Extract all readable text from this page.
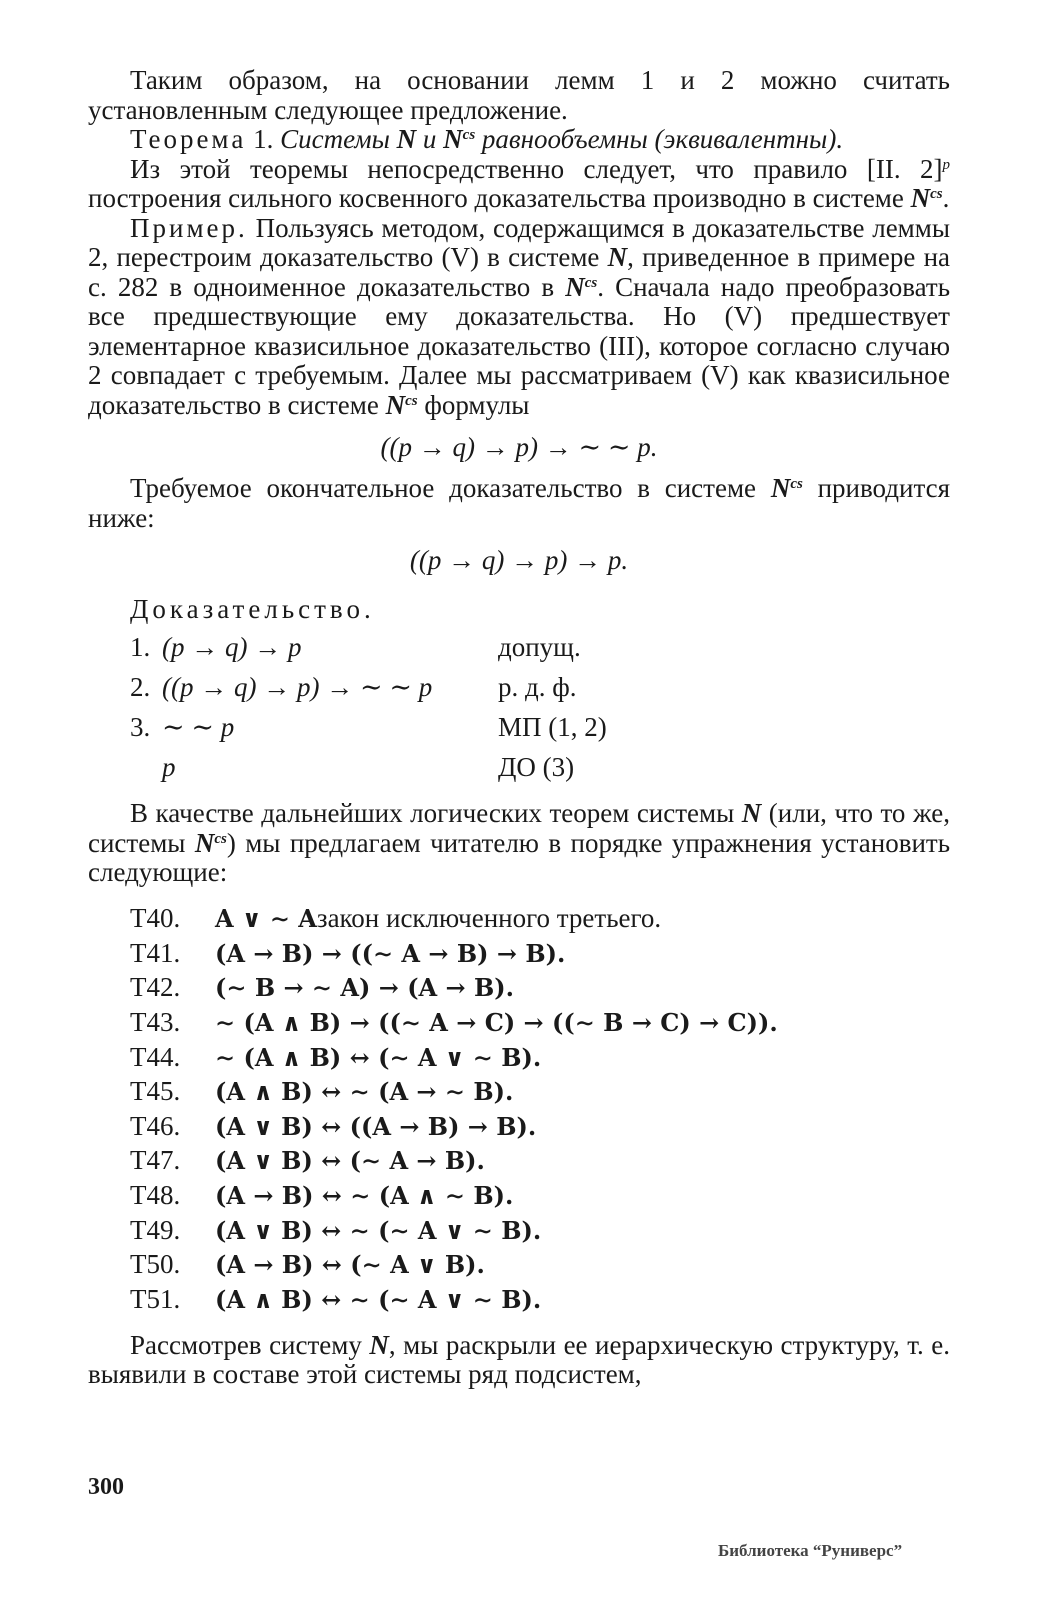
Таким образом, на основании лемм 1 и 2 можно считать установленным следующее предложение.

Теорема 1. Системы N и $N^{cs}$ равнообъемны (эквивалентны).

Из этой теоремы непосредственно следует, что правило [II. 2]$^p$ построения сильного косвенного доказательства производно в системе $N^{cs}$.

Пример. Пользуясь методом, содержащимся в доказательстве леммы 2, перестроим доказательство (V) в системе N, приведенное в примере на с. 282 в одноименное доказательство в $N^{cs}$. Сначала надо преобразовать все предшествующие ему доказательства. Но (V) предшествует элементарное квазисильное доказательство (III), которое согласно случаю 2 совпадает с требуемым. Далее мы рассматриваем (V) как квазисильное доказательство в системе $N^{cs}$ формулы

((p → q) → p) → ∼ ∼ p.

Требуемое окончательное доказательство в системе $N^{cs}$ приводится ниже:

((p → q) → p) → p.
Доказательство.
1. (p → q) → p	допущ.
2. ((p → q) → p) → ∼ ∼ p	р. д. ф.
3. ∼ ∼ p	МП (1, 2)
p	ДО (3)

В качестве дальнейших логических теорем системы N (или, что то же, системы $N^{cs}$) мы предлагаем читателю в порядке упражнения установить следующие:

T40.	A ∨ ∼ A закон исключенного третьего.
T41.	(A → B) → ((∼ A → B) → B).
T42.	(∼ B → ∼ A) → (A → B).
T43.	∼ (A ∧ B) → ((∼ A → C) → ((∼ B → C) → C)).
T44.	∼ (A ∧ B) ↔ (∼ A ∨ ∼ B).
T45.	(A ∧ B) ↔ ∼ (A → ∼ B).
T46.	(A ∨ B) ↔ ((A → B) → B).
T47.	(A ∨ B) ↔ (∼ A → B).
T48.	(A → B) ↔ ∼ (A ∧ ∼ B).
T49.	(A ∨ B) ↔ ∼ (∼ A ∨ ∼ B).
T50.	(A → B) ↔ (∼ A ∨ B).
T51.	(A ∧ B) ↔ ∼ (∼ A ∨ ∼ B).

Рассмотрев систему N, мы раскрыли ее иерархическую структуру, т. е. выявили в составе этой системы ряд подсистем,

300
Библиотека “Руниверс”
